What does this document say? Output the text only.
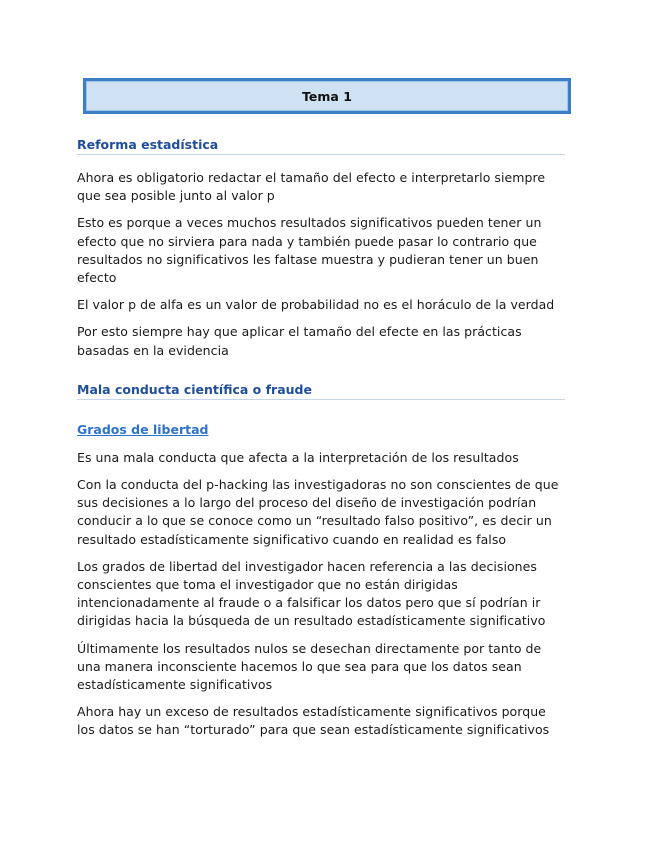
Tema 1
Reforma estadística

Ahora es obligatorio redactar el tamaño del efecto e interpretarlo siempre que sea posible junto al valor p

Esto es porque a veces muchos resultados significativos pueden tener un efecto que no sirviera para nada y también puede pasar lo contrario que resultados no significativos les faltase muestra y pudieran tener un buen efecto

El valor p de alfa es un valor de probabilidad no es el horáculo de la verdad

Por esto siempre hay que aplicar el tamaño del efecte en las prácticas basadas en la evidencia

Mala conducta científica o fraude
Grados de libertad

Es una mala conducta que afecta a la interpretación de los resultados

Con la conducta del p-hacking las investigadoras no son conscientes de que sus decisiones a lo largo del proceso del diseño de investigación podrían conducir a lo que se conoce como un “resultado falso positivo”, es decir un resultado estadísticamente significativo cuando en realidad es falso

Los grados de libertad del investigador hacen referencia a las decisiones conscientes que toma el investigador que no están dirigidas intencionadamente al fraude o a falsificar los datos pero que sí podrían ir dirigidas hacia la búsqueda de un resultado estadísticamente significativo

Últimamente los resultados nulos se desechan directamente por tanto de una manera inconsciente hacemos lo que sea para que los datos sean estadísticamente significativos

Ahora hay un exceso de resultados estadísticamente significativos porque los datos se han “torturado” para que sean estadísticamente significativos
